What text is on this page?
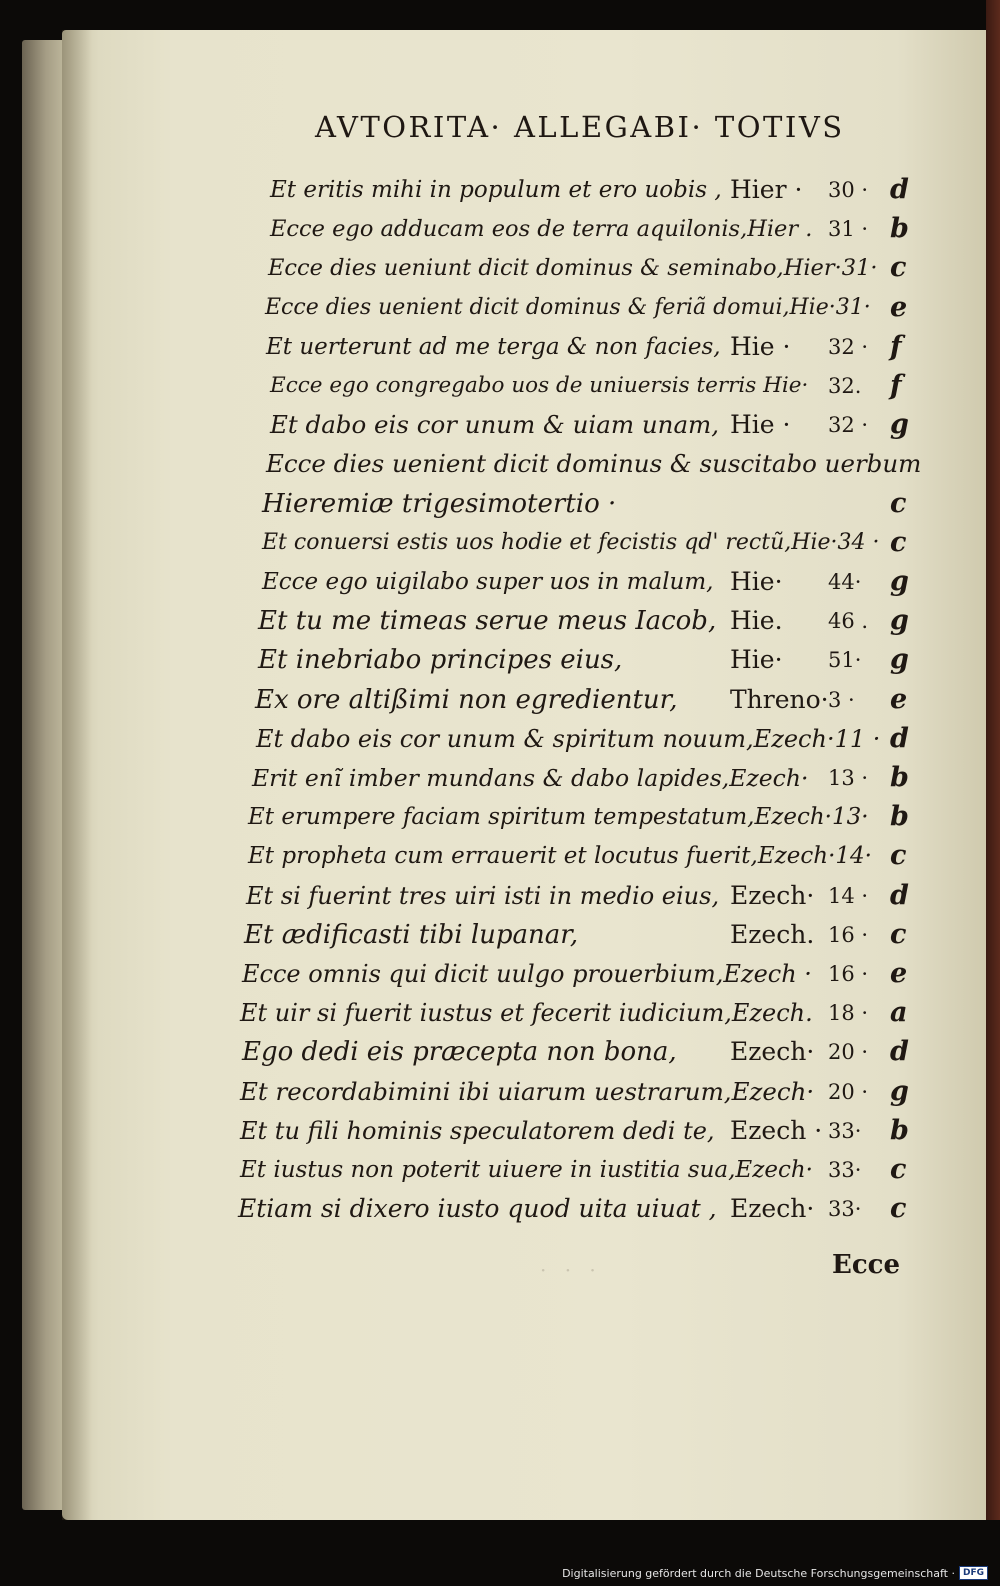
AVTORITA· ALLEGABI· TOTIVS
Et eritis mihi in populum et ero uobis , Hier · 30 · d
Ecce ego adducam eos de terra aquilonis,Hier . 31 · b
Ecce dies ueniunt dicit dominus & seminabo,Hier·31· c
Ecce dies uenient dicit dominus & feriã domui,Hie·31· e
Et uerterunt ad me terga & non facies, Hie · 32 · f
Ecce ego congregabo uos de uniuersis terris Hie· 32. f
Et dabo eis cor unum & uiam unam, Hie · 32 · g
Ecce dies uenient dicit dominus & suscitabo uerbum
Hieremiæ trigesimotertio ·	c
Et conuersi estis uos hodie et fecistis qd' rectũ,Hie·34 · c
Ecce ego uigilabo super uos in malum, Hie· 44· g
Et tu me timeas serue meus Iacob, Hie. 46 . g
Et inebriabo principes eius,	Hie· 51· g
Ex ore altißimi non egredientur, Threno· 3 · e
Et dabo eis cor unum & spiritum nouum,Ezech·11 · d
Erit enĩ imber mundans & dabo lapides,Ezech· 13 · b
Et erumpere faciam spiritum tempestatum,Ezech·13· b
Et propheta cum errauerit et locutus fuerit,Ezech·14· c
Et si fuerint tres uiri isti in medio eius, Ezech· 14 · d
Et ædificasti tibi lupanar,	Ezech. 16 · c
Ecce omnis qui dicit uulgo prouerbium,Ezech · 16 · e
Et uir si fuerit iustus et fecerit iudicium,Ezech. 18 · a
Ego dedi eis præcepta non bona, Ezech· 20 · d
Et recordabimini ibi uiarum uestrarum,Ezech· 20 · g
Et tu fili hominis speculatorem dedi te, Ezech · 33· b
Et iustus non poterit uiuere in iustitia sua,Ezech· 33· c
Etiam si dixero iusto quod uita uiuat , Ezech· 33· c
· · ·	Ecce
Digitalisierung gefördert durch die Deutsche Forschungsgemeinschaft · DFG
